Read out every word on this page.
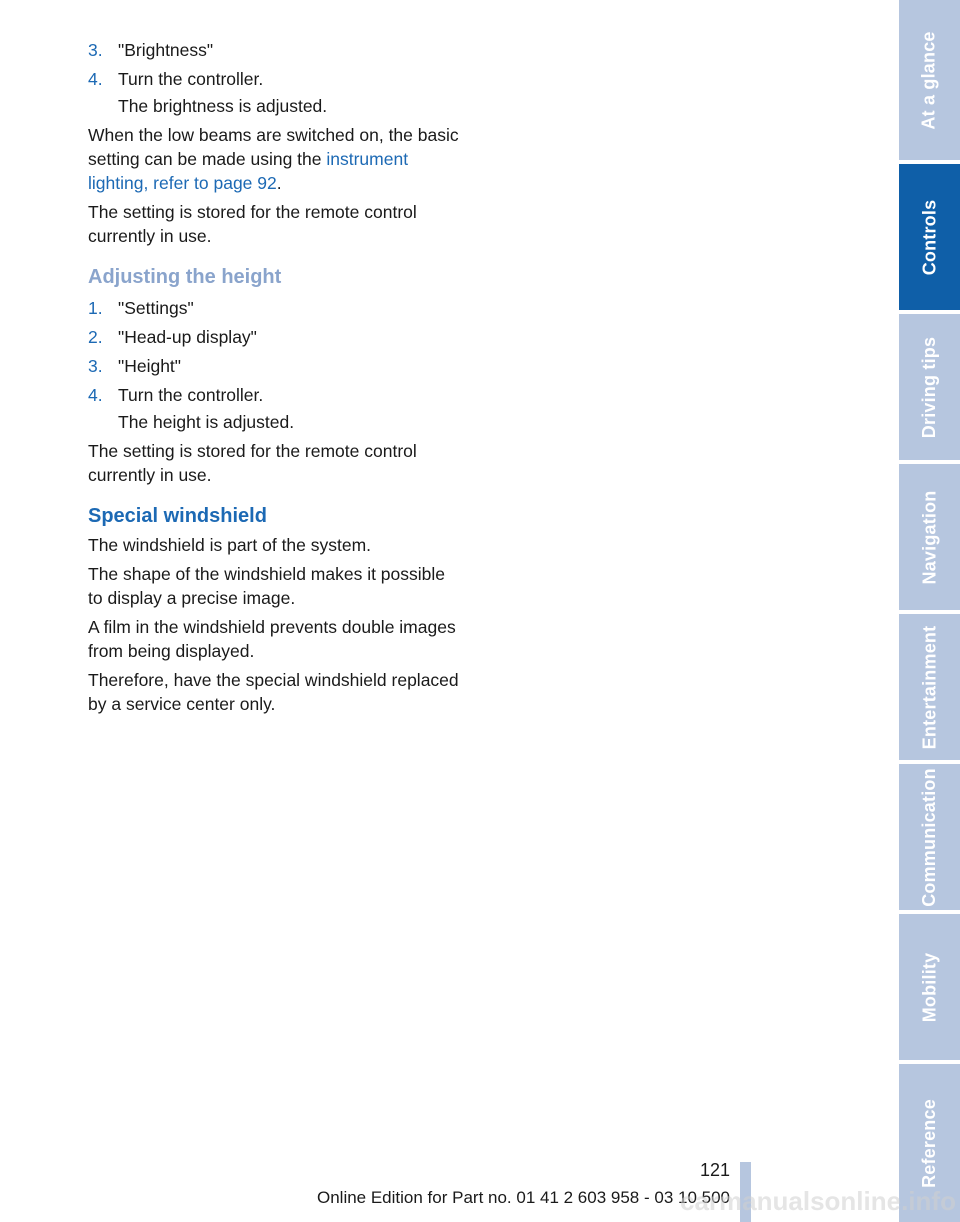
3. "Brightness"
4. Turn the controller.
The brightness is adjusted.

When the low beams are switched on, the basic setting can be made using the instrument lighting, refer to page 92.

The setting is stored for the remote control currently in use.

Adjusting the height
1. "Settings"
2. "Head-up display"
3. "Height"
4. Turn the controller.
The height is adjusted.

The setting is stored for the remote control currently in use.

Special windshield

The windshield is part of the system.

The shape of the windshield makes it possible to display a precise image.

A film in the windshield prevents double images from being displayed.

Therefore, have the special windshield replaced by a service center only.

At a glance
Controls
Driving tips
Navigation
Entertainment
Communication
Mobility
Reference
121
Online Edition for Part no. 01 41 2 603 958 - 03 10 500
carmanualsonline.info
